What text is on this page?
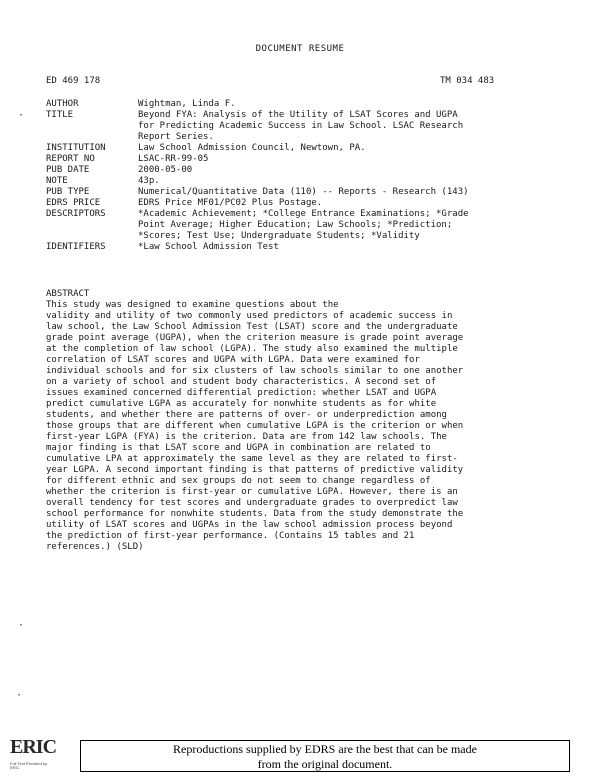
DOCUMENT RESUME
ED 469 178	TM 034 483
AUTHOR	Wightman, Linda F.
TITLE	Beyond FYA: Analysis of the Utility of LSAT Scores and UGPA
for Predicting Academic Success in Law School. LSAC Research
Report Series.
INSTITUTION	Law School Admission Council, Newtown, PA.
REPORT NO	LSAC-RR-99-05
PUB DATE	2000-05-00
NOTE	43p.
PUB TYPE	Numerical/Quantitative Data (110) -- Reports - Research (143)
EDRS PRICE	EDRS Price MF01/PC02 Plus Postage.
DESCRIPTORS	*Academic Achievement; *College Entrance Examinations; *Grade
Point Average; Higher Education; Law Schools; *Prediction;
*Scores; Test Use; Undergraduate Students; *Validity
IDENTIFIERS	*Law School Admission Test
ABSTRACT
This study was designed to examine questions about the
validity and utility of two commonly used predictors of academic success in
law school, the Law School Admission Test (LSAT) score and the undergraduate
grade point average (UGPA), when the criterion measure is grade point average
at the completion of law school (LGPA). The study also examined the multiple
correlation of LSAT scores and UGPA with LGPA. Data were examined for
individual schools and for six clusters of law schools similar to one another
on a variety of school and student body characteristics. A second set of
issues examined concerned differential prediction: whether LSAT and UGPA
predict cumulative LGPA as accurately for nonwhite students as for white
students, and whether there are patterns of over- or underprediction among
those groups that are different when cumulative LGPA is the criterion or when
first-year LGPA (FYA) is the criterion. Data are from 142 law schools. The
major finding is that LSAT score and UGPA in combination are related to
cumulative LPA at approximately the same level as they are related to first-
year LGPA. A second important finding is that patterns of predictive validity
for different ethnic and sex groups do not seem to change regardless of
whether the criterion is first-year or cumulative LGPA. However, there is an
overall tendency for test scores and undergraduate grades to overpredict law
school performance for nonwhite students. Data from the study demonstrate the
utility of LSAT scores and UGPAs in the law school admission process beyond
the prediction of first-year performance. (Contains 15 tables and 21
references.) (SLD)
·
·
·
ERIC
Full Text Provided by ERIC
Reproductions supplied by EDRS are the best that can be made
from the original document.
